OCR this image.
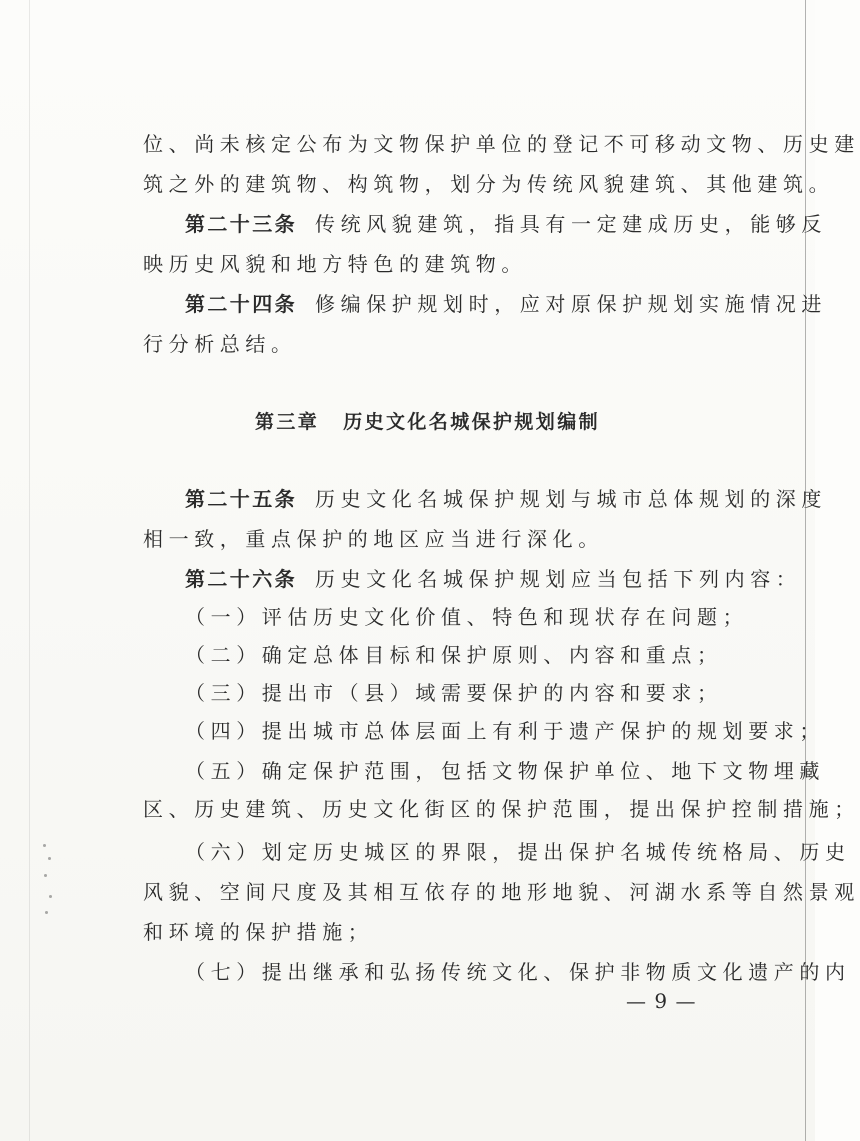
位、尚未核定公布为文物保护单位的登记不可移动文物、历史建
筑之外的建筑物、构筑物，划分为传统风貌建筑、其他建筑。
第二十三条 传统风貌建筑，指具有一定建成历史，能够反
映历史风貌和地方特色的建筑物。
第二十四条 修编保护规划时，应对原保护规划实施情况进
行分析总结。
第三章 历史文化名城保护规划编制
第二十五条 历史文化名城保护规划与城市总体规划的深度
相一致，重点保护的地区应当进行深化。
第二十六条 历史文化名城保护规划应当包括下列内容：
（一）评估历史文化价值、特色和现状存在问题；
（二）确定总体目标和保护原则、内容和重点；
（三）提出市（县）域需要保护的内容和要求；
（四）提出城市总体层面上有利于遗产保护的规划要求；
（五）确定保护范围，包括文物保护单位、地下文物埋藏
区、历史建筑、历史文化街区的保护范围，提出保护控制措施；
（六）划定历史城区的界限，提出保护名城传统格局、历史
风貌、空间尺度及其相互依存的地形地貌、河湖水系等自然景观
和环境的保护措施；
（七）提出继承和弘扬传统文化、保护非物质文化遗产的内
— 9 —
